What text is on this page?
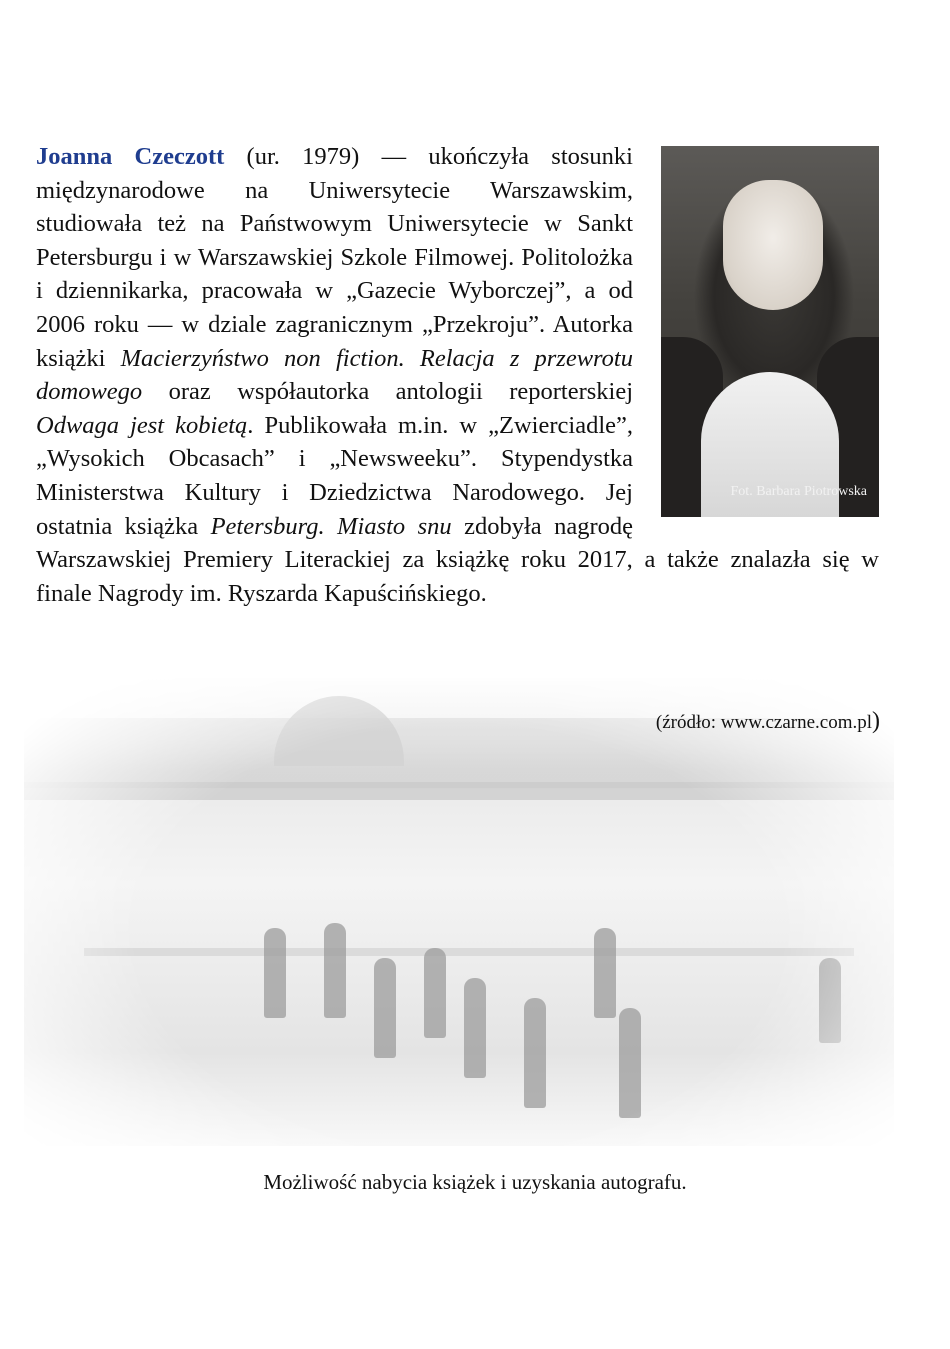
Fot. Barbara Piotrowska
Joanna Czeczott (ur. 1979) — ukończyła stosunki międzynarodowe na Uniwersytecie Warszawskim, studiowała też na Państwowym Uniwersytecie w Sankt Petersburgu i w Warszawskiej Szkole Filmowej. Politolożka i dziennikarka, pracowała w „Gazecie Wyborczej”, a od 2006 roku — w dziale zagranicznym „Przekroju”. Autorka książki Macierzyństwo non fiction. Relacja z przewrotu domowego oraz współautorka antologii reporterskiej Odwaga jest kobietą. Publikowała m.in. w „Zwierciadle”, „Wysokich Obcasach” i „Newsweeku”. Stypendystka Ministerstwa Kultury i Dziedzictwa Narodowego. Jej ostatnia książka Petersburg. Miasto snu zdobyła nagrodę Warszawskiej Premiery Literackiej za książkę roku 2017, a także znalazła się w finale Nagrody im. Ryszarda Kapuścińskiego.
(źródło: www.czarne.com.pl)
Możliwość nabycia książek i uzyskania autografu.
